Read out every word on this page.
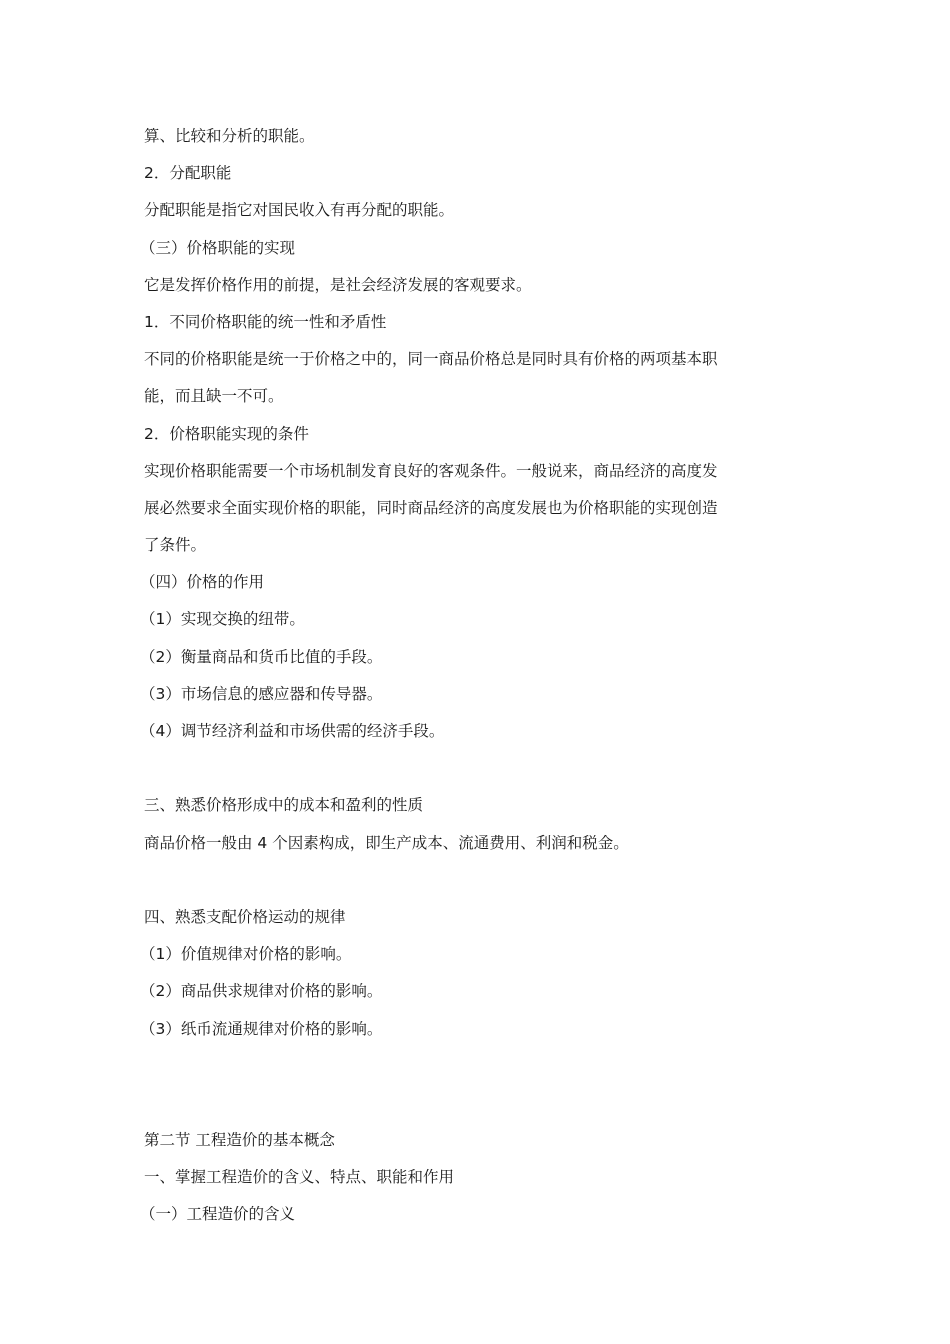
算、比较和分析的职能。
2．分配职能
分配职能是指它对国民收入有再分配的职能。
（三）价格职能的实现
它是发挥价格作用的前提，是社会经济发展的客观要求。
1．不同价格职能的统一性和矛盾性
不同的价格职能是统一于价格之中的，同一商品价格总是同时具有价格的两项基本职
能，而且缺一不可。
2．价格职能实现的条件
实现价格职能需要一个市场机制发育良好的客观条件。一般说来，商品经济的高度发
展必然要求全面实现价格的职能，同时商品经济的高度发展也为价格职能的实现创造
了条件。
（四）价格的作用
（1）实现交换的纽带。
（2）衡量商品和货币比值的手段。
（3）市场信息的感应器和传导器。
（4）调节经济利益和市场供需的经济手段。
三、熟悉价格形成中的成本和盈利的性质
商品价格一般由 4 个因素构成，即生产成本、流通费用、利润和税金。
四、熟悉支配价格运动的规律
（1）价值规律对价格的影响。
（2）商品供求规律对价格的影响。
（3）纸币流通规律对价格的影响。
第二节 工程造价的基本概念
一、掌握工程造价的含义、特点、职能和作用
（一）工程造价的含义
